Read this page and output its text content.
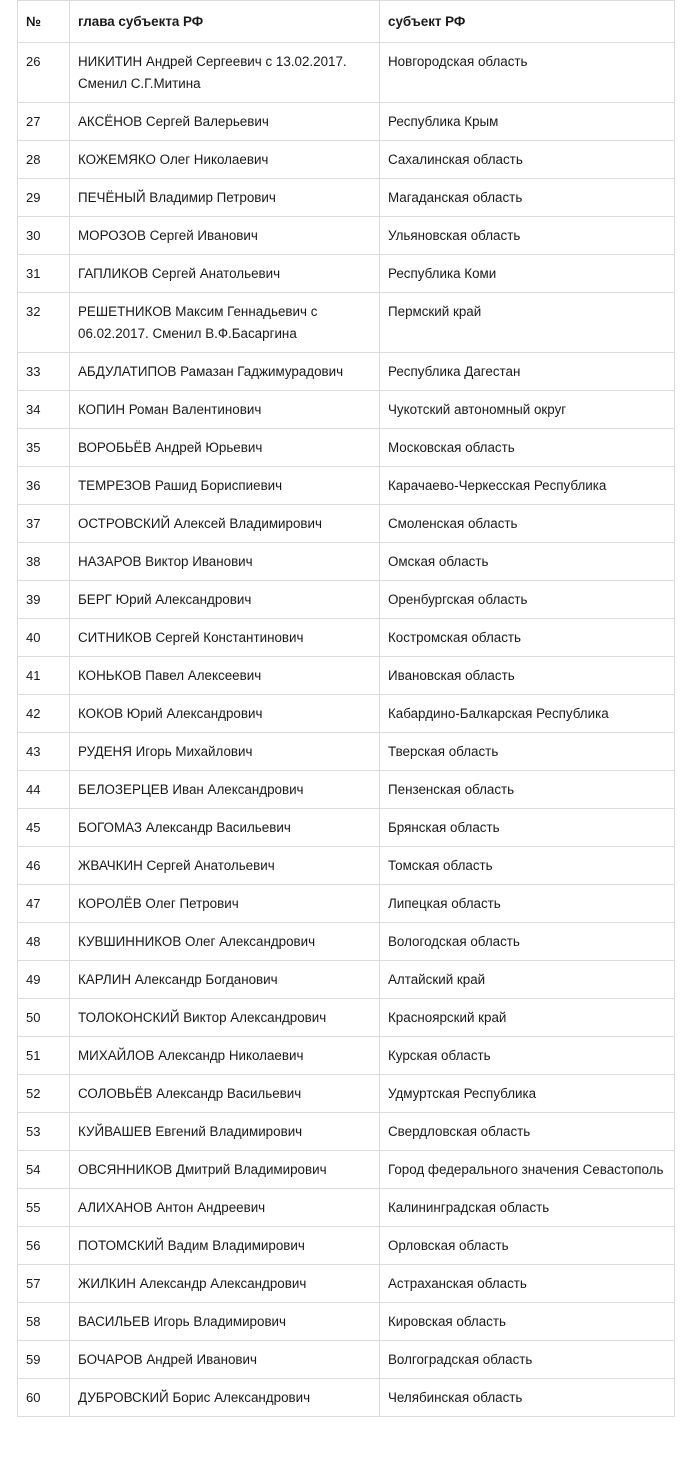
№	глава субъекта РФ	субъект РФ
26	НИКИТИН Андрей Сергеевич с 13.02.2017. Сменил С.Г.Митина	Новгородская область
27	АКСЁНОВ Сергей Валерьевич	Республика Крым
28	КОЖЕМЯКО Олег Николаевич	Сахалинская область
29	ПЕЧЁНЫЙ Владимир Петрович	Магаданская область
30	МОРОЗОВ Сергей Иванович	Ульяновская область
31	ГАПЛИКОВ Сергей Анатольевич	Республика Коми
32	РЕШЕТНИКОВ Максим Геннадьевич с 06.02.2017. Сменил В.Ф.Басаргина	Пермский край
33	АБДУЛАТИПОВ Рамазан Гаджимурадович	Республика Дагестан
34	КОПИН Роман Валентинович	Чукотский автономный округ
35	ВОРОБЬЁВ Андрей Юрьевич	Московская область
36	ТЕМРЕЗОВ Рашид Бориспиевич	Карачаево-Черкесская Республика
37	ОСТРОВСКИЙ Алексей Владимирович	Смоленская область
38	НАЗАРОВ Виктор Иванович	Омская область
39	БЕРГ Юрий Александрович	Оренбургская область
40	СИТНИКОВ Сергей Константинович	Костромская область
41	КОНЬКОВ Павел Алексеевич	Ивановская область
42	КОКОВ Юрий Александрович	Кабардино-Балкарская Республика
43	РУДЕНЯ Игорь Михайлович	Тверская область
44	БЕЛОЗЕРЦЕВ Иван Александрович	Пензенская область
45	БОГОМАЗ Александр Васильевич	Брянская область
46	ЖВАЧКИН Сергей Анатольевич	Томская область
47	КОРОЛЁВ Олег Петрович	Липецкая область
48	КУВШИННИКОВ Олег Александрович	Вологодская область
49	КАРЛИН Александр Богданович	Алтайский край
50	ТОЛОКОНСКИЙ Виктор Александрович	Красноярский край
51	МИХАЙЛОВ Александр Николаевич	Курская область
52	СОЛОВЬЁВ Александр Васильевич	Удмуртская Республика
53	КУЙВАШЕВ Евгений Владимирович	Свердловская область
54	ОВСЯННИКОВ Дмитрий Владимирович	Город федерального значения Севастополь
55	АЛИХАНОВ Антон Андреевич	Калининградская область
56	ПОТОМСКИЙ Вадим Владимирович	Орловская область
57	ЖИЛКИН Александр Александрович	Астраханская область
58	ВАСИЛЬЕВ Игорь Владимирович	Кировская область
59	БОЧАРОВ Андрей Иванович	Волгоградская область
60	ДУБРОВСКИЙ Борис Александрович	Челябинская область
